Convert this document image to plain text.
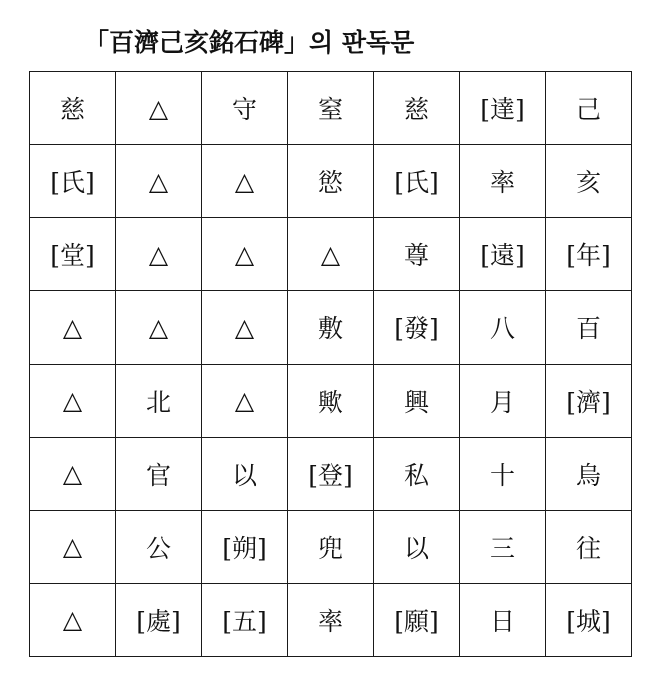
「百濟己亥銘石碑」의 판독문
慈	△	守	窒	慈	[達]	己
[氏]	△	△	慾	[氏]	率	亥
[堂]	△	△	△	尊	[遠]	[年]
△	△	△	敷	[發]	八	百
△	北	△	歟	興	月	[濟]
△	官	以	[登]	私	十	烏
△	公	[朔]	兜	以	三	往
△	[處]	[五]	率	[願]	日	[城]
